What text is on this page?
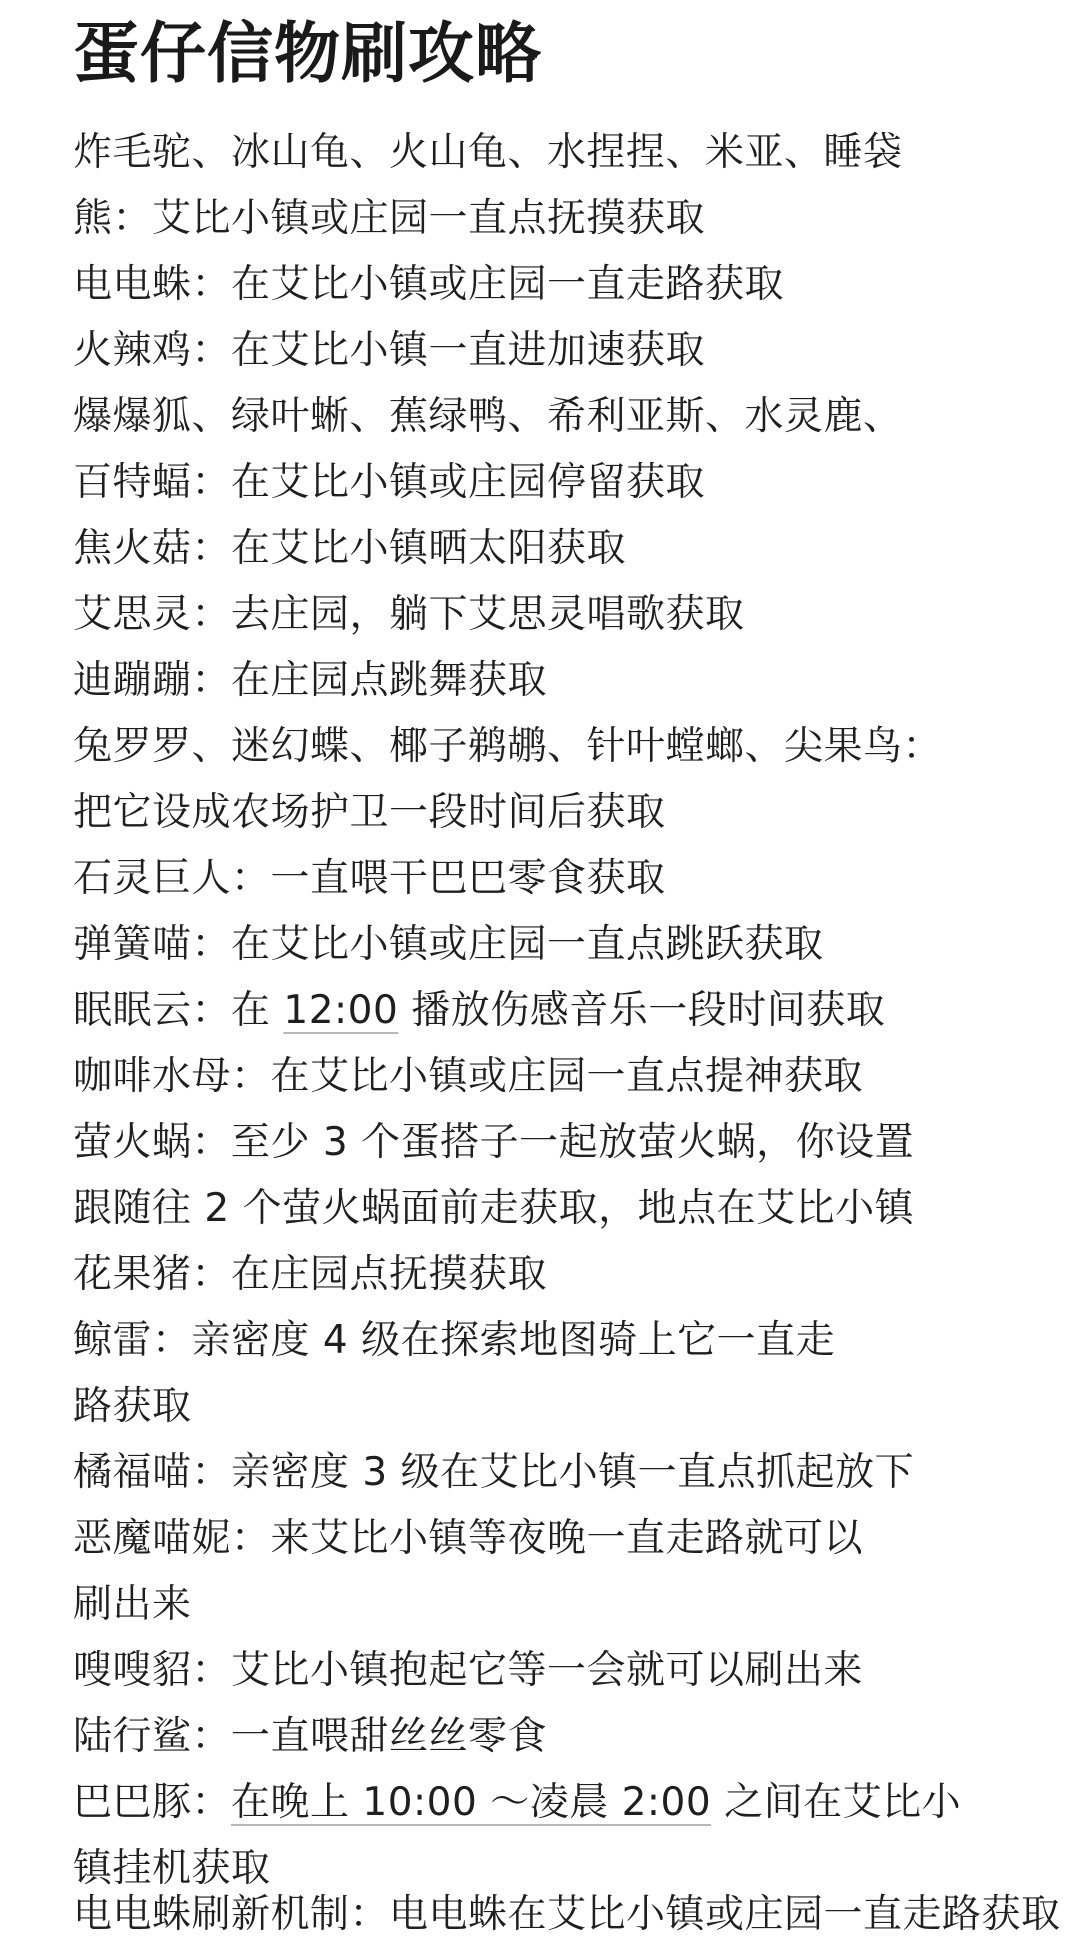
蛋仔信物刷攻略
炸毛驼、冰山龟、火山龟、水捏捏、米亚、睡袋
熊：艾比小镇或庄园一直点抚摸获取
电电蛛：在艾比小镇或庄园一直走路获取
火辣鸡：在艾比小镇一直进加速获取
爆爆狐、绿叶蜥、蕉绿鸭、希利亚斯、水灵鹿、
百特蝠：在艾比小镇或庄园停留获取
焦火菇：在艾比小镇晒太阳获取
艾思灵：去庄园，躺下艾思灵唱歌获取
迪蹦蹦：在庄园点跳舞获取
兔罗罗、迷幻蝶、椰子鹈鹕、针叶螳螂、尖果鸟：
把它设成农场护卫一段时间后获取
石灵巨人：一直喂干巴巴零食获取
弹簧喵：在艾比小镇或庄园一直点跳跃获取
眠眠云：在 12:00 播放伤感音乐一段时间获取
咖啡水母：在艾比小镇或庄园一直点提神获取
萤火蜗：至少 3 个蛋搭子一起放萤火蜗，你设置
跟随往 2 个萤火蜗面前走获取，地点在艾比小镇
花果猪：在庄园点抚摸获取
鲸雷：亲密度 4 级在探索地图骑上它一直走
路获取
橘福喵：亲密度 3 级在艾比小镇一直点抓起放下
恶魔喵妮：来艾比小镇等夜晚一直走路就可以
刷出来
嗖嗖貂：艾比小镇抱起它等一会就可以刷出来
陆行鲨：一直喂甜丝丝零食
巴巴豚：在晚上 10:00 ～凌晨 2:00 之间在艾比小
镇挂机获取
电电蛛刷新机制：电电蛛在艾比小镇或庄园一直走路获取
